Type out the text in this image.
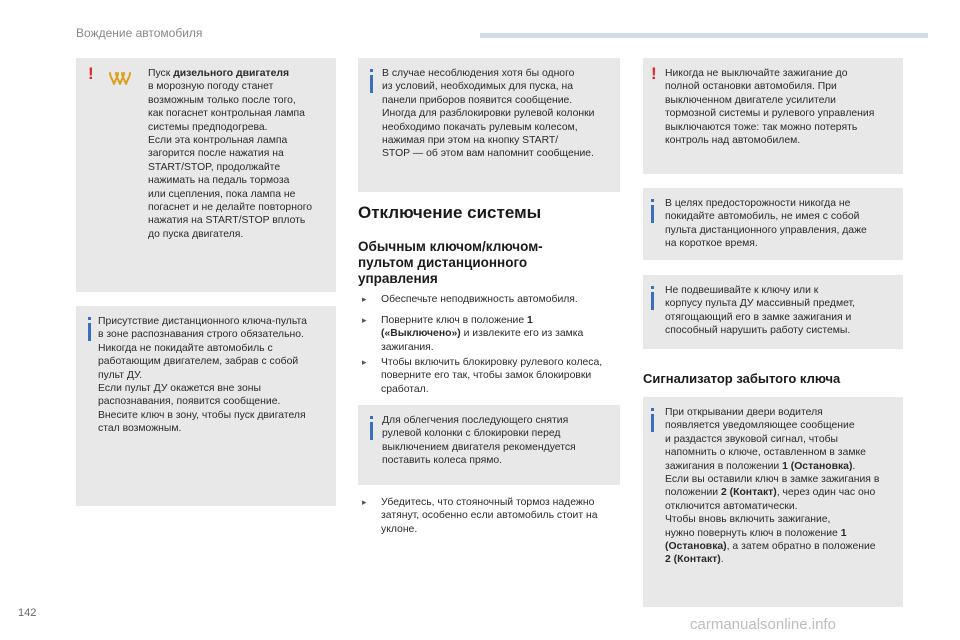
Вождение автомобиля
!	Пуск дизельного двигателя
в морозную погоду станет
возможным только после того,
как погаснет контрольная лампа
системы предподогрева.
Если эта контрольная лампа
загорится после нажатия на
START/STOP, продолжайте
нажимать на педаль тормоза
или сцепления, пока лампа не
погаснет и не делайте повторного
нажатия на START/STOP вплоть
до пуска двигателя.

Присутствие дистанционного ключа-пульта
в зоне распознавания строго обязательно.
Никогда не покидайте автомобиль с
работающим двигателем, забрав с собой
пульт ДУ.
Если пульт ДУ окажется вне зоны
распознавания, появится сообщение.
Внесите ключ в зону, чтобы пуск двигателя
стал возможным.

В случае несоблюдения хотя бы одного
из условий, необходимых для пуска, на
панели приборов появится сообщение.
Иногда для разблокировки рулевой колонки
необходимо покачать рулевым колесом,
нажимая при этом на кнопку START/
STOP — об этом вам напомнит сообщение.

Отключение системы
Обычным ключом/ключом-
пультом дистанционного
управления
▸ Обеспечьте неподвижность автомобиля.

▸ Поверните ключ в положение 1
(«Выключено») и извлеките его из замка
зажигания.

▸ Чтобы включить блокировку рулевого колеса,
поверните его так, чтобы замок блокировки
сработал.

Для облегчения последующего снятия
рулевой колонки с блокировки перед
выключением двигателя рекомендуется
поставить колеса прямо.

▸ Убедитесь, что стояночный тормоз надежно
затянут, особенно если автомобиль стоит на
уклоне.

! Никогда не выключайте зажигание до
полной остановки автомобиля. При
выключенном двигателе усилители
тормозной системы и рулевого управления
выключаются тоже: так можно потерять
контроль над автомобилем.

В целях предосторожности никогда не
покидайте автомобиль, не имея с собой
пульта дистанционного управления, даже
на короткое время.

Не подвешивайте к ключу или к
корпусу пульта ДУ массивный предмет,
отягощающий его в замке зажигания и
способный нарушить работу системы.

Сигнализатор забытого ключа

При открывании двери водителя
появляется уведомляющее сообщение
и раздастся звуковой сигнал, чтобы
напомнить о ключе, оставленном в замке
зажигания в положении 1 (Остановка).
Если вы оставили ключ в замке зажигания в
положении 2 (Контакт), через один час оно
отключится автоматически.
Чтобы вновь включить зажигание,
нужно повернуть ключ в положение 1
(Остановка), а затем обратно в положение
2 (Контакт).

142
carmanualsonline.info
